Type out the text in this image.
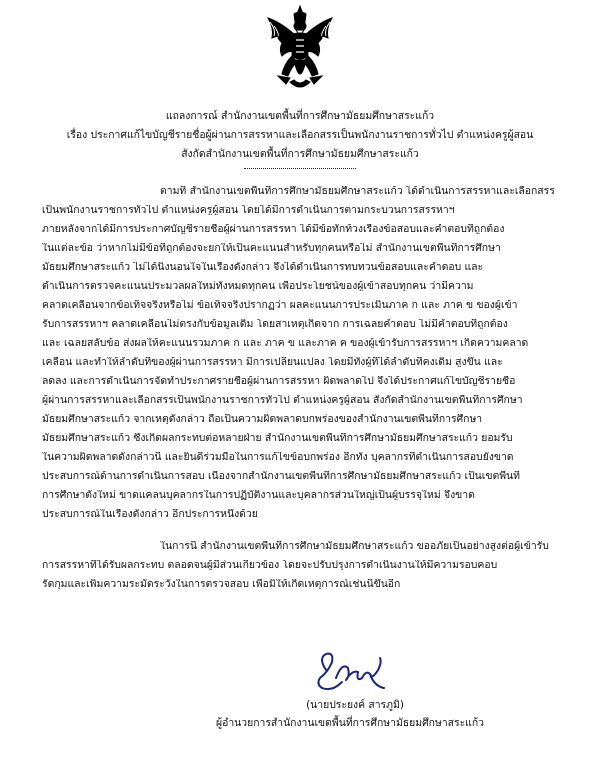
แถลงการณ์ สำนักงานเขตพื้นที่การศึกษามัธยมศึกษาสระแก้ว
เรื่อง ประกาศแก้ไขบัญชีรายชื่อผู้ผ่านการสรรหาและเลือกสรรเป็นพนักงานราชการทั่วไป ตำแหน่งครูผู้สอน
สังกัดสำนักงานเขตพื้นที่การศึกษามัธยมศึกษาสระแก้ว
ตามที่ สำนักงานเขตพื้นที่การศึกษามัธยมศึกษาสระแก้ว ได้ดำเนินการสรรหาและเลือกสรร
เป็นพนักงานราชการทั่วไป ตำแหน่งครูผู้สอน โดยได้มีการดำเนินการตามกระบวนการสรรหาฯ
ภายหลังจากได้มีการประกาศบัญชีรายชื่อผู้ผ่านการสรรหา ได้มีข้อทักท้วงเรื่องข้อสอบและคำตอบที่ถูกต้อง
ในแต่ละข้อ ว่าหากไม่มีข้อที่ถูกต้องจะยกให้เป็นคะแนนสำหรับทุกคนหรือไม่ สำนักงานเขตพื้นที่การศึกษา
มัธยมศึกษาสระแก้ว ไม่ได้นิ่งนอนใจในเรื่องดังกล่าว จึงได้ดำเนินการทบทวนข้อสอบและคำตอบ และ
ดำเนินการตรวจคะแนนประมวลผลใหม่ทั้งหมดทุกคน เพื่อประโยชน์ของผู้เข้าสอบทุกคน ว่ามีความ
คลาดเคลื่อนจากข้อเท็จจริงหรือไม่ ข้อเท็จจริงปรากฏว่า ผลคะแนนการประเมินภาค ก และ ภาค ข ของผู้เข้า
รับการสรรหาฯ คลาดเคลื่อนไม่ตรงกับข้อมูลเดิม โดยสาเหตุเกิดจาก การเฉลยคำตอบ ไม่มีคำตอบที่ถูกต้อง
และ เฉลยสลับข้อ ส่งผลให้คะแนนรวมภาค ก และ ภาค ข และภาค ค ของผู้เข้ารับการสรรหาฯ เกิดความคลาด
เคลื่อน และทำให้ลำดับที่ของผู้ผ่านการสรรหา มีการเปลี่ยนแปลง โดยมีทั้งผู้ที่ได้ลำดับที่คงเดิม สูงขึ้น และ
ลดลง และการดำเนินการจัดทำประกาศรายชื่อผู้ผ่านการสรรหา ผิดพลาดไป จึงได้ประกาศแก้ไขบัญชีรายชื่อ
ผู้ผ่านการสรรหาและเลือกสรรเป็นพนักงานราชการทั่วไป ตำแหน่งครูผู้สอน สังกัดสำนักงานเขตพื้นที่การศึกษา
มัธยมศึกษาสระแก้ว จากเหตุดังกล่าว ถือเป็นความผิดพลาดบกพร่องของสำนักงานเขตพื้นที่การศึกษา
มัธยมศึกษาสระแก้ว ซึ่งเกิดผลกระทบต่อหลายฝ่าย สำนักงานเขตพื้นที่การศึกษามัธยมศึกษาสระแก้ว ยอมรับ
ในความผิดพลาดดังกล่าวนี้ และยินดีร่วมมือในการแก้ไขข้อบกพร่อง อีกทั้ง บุคลากรที่ดำเนินการสอบยังขาด
ประสบการณ์ด้านการดำเนินการสอบ เนื่องจากสำนักงานเขตพื้นที่การศึกษามัธยมศึกษาสระแก้ว เป็นเขตพื้นที่
การศึกษาตั้งใหม่ ขาดแคลนบุคลากรในการปฏิบัติงานและบุคลากรส่วนใหญ่เป็นผู้บรรจุใหม่ จึงขาด
ประสบการณ์ในเรื่องดังกล่าว อีกประการหนึ่งด้วย
ในการนี้ สำนักงานเขตพื้นที่การศึกษามัธยมศึกษาสระแก้ว ขออภัยเป็นอย่างสูงต่อผู้เข้ารับ
การสรรหาที่ได้รับผลกระทบ ตลอดจนผู้มีส่วนเกี่ยวข้อง โดยจะปรับปรุงการดำเนินงานให้มีความรอบคอบ
รัดกุมและเพิ่มความระมัดระวังในการตรวจสอบ เพื่อมิให้เกิดเหตุการณ์เช่นนี้ขึ้นอีก
(นายประยงค์ สารภูมิ)
ผู้อำนวยการสำนักงานเขตพื้นที่การศึกษามัธยมศึกษาสระแก้ว
